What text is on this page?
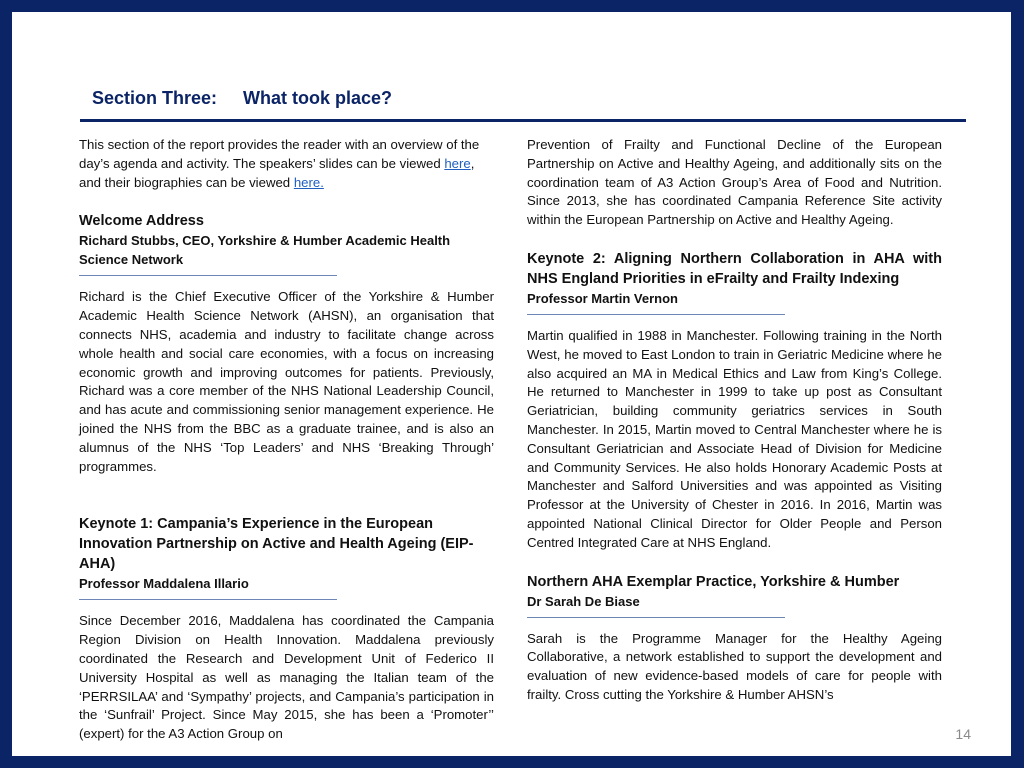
Section Three: What took place?
This section of the report provides the reader with an overview of the day’s agenda and activity. The speakers’ slides can be viewed here, and their biographies can be viewed here.
Welcome Address
Richard Stubbs, CEO, Yorkshire & Humber Academic Health Science Network
Richard is the Chief Executive Officer of the Yorkshire & Humber Academic Health Science Network (AHSN), an organisation that connects NHS, academia and industry to facilitate change across whole health and social care economies, with a focus on increasing economic growth and improving outcomes for patients. Previously, Richard was a core member of the NHS National Leadership Council, and has acute and commissioning senior management experience. He joined the NHS from the BBC as a graduate trainee, and is also an alumnus of the NHS ‘Top Leaders’ and NHS ‘Breaking Through’ programmes.
Keynote 1: Campania’s Experience in the European Innovation Partnership on Active and Health Ageing (EIP-AHA)
Professor Maddalena Illario
Since December 2016, Maddalena has coordinated the Campania Region Division on Health Innovation. Maddalena previously coordinated the Research and Development Unit of Federico II University Hospital as well as managing the Italian team of the ‘PERRSILAA’ and ‘Sympathy’ projects, and Campania’s participation in the ‘Sunfrail’ Project. Since May 2015, she has been a ‘Promoter’’ (expert) for the A3 Action Group on
Prevention of Frailty and Functional Decline of the European Partnership on Active and Healthy Ageing, and additionally sits on the coordination team of A3 Action Group’s Area of Food and Nutrition. Since 2013, she has coordinated Campania Reference Site activity within the European Partnership on Active and Healthy Ageing.
Keynote 2: Aligning Northern Collaboration in AHA with NHS England Priorities in eFrailty and Frailty Indexing
Professor Martin Vernon
Martin qualified in 1988 in Manchester. Following training in the North West, he moved to East London to train in Geriatric Medicine where he also acquired an MA in Medical Ethics and Law from King’s College. He returned to Manchester in 1999 to take up post as Consultant Geriatrician, building community geriatrics services in South Manchester. In 2015, Martin moved to Central Manchester where he is Consultant Geriatrician and Associate Head of Division for Medicine and Community Services. He also holds Honorary Academic Posts at Manchester and Salford Universities and was appointed as Visiting Professor at the University of Chester in 2016. In 2016, Martin was appointed National Clinical Director for Older People and Person Centred Integrated Care at NHS England.
Northern AHA Exemplar Practice, Yorkshire & Humber
Dr Sarah De Biase
Sarah is the Programme Manager for the Healthy Ageing Collaborative, a network established to support the development and evaluation of new evidence-based models of care for people with frailty. Cross cutting the Yorkshire & Humber AHSN’s
14
